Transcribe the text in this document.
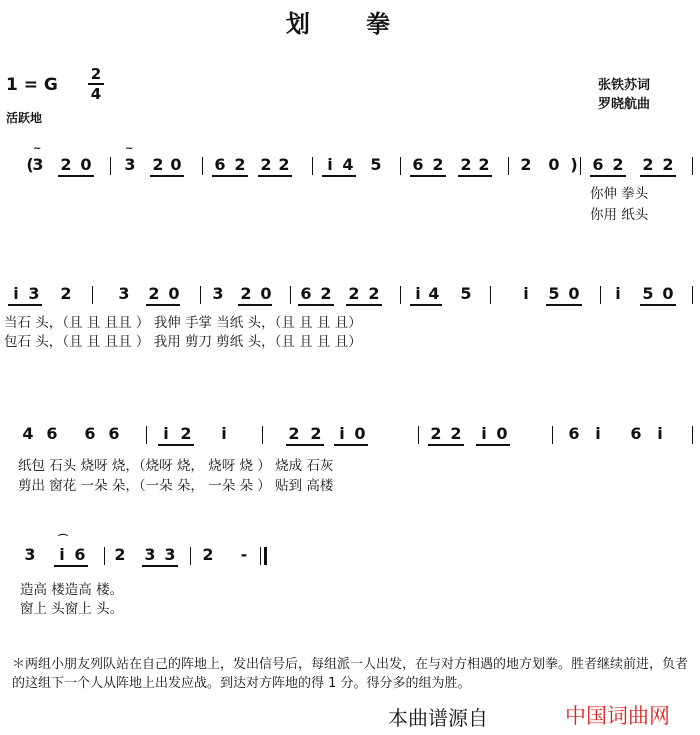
划 拳
1 = G
2
4
活跃地
张铁苏词
罗晓航曲
(
3
~
2 0 3
~
2 0 6 2 2 2	i 4 5 6 2 2 2 2 0 ) 6 2 2 2
你伸 拳头
你用 纸头
i 3 2	3 2 0 3 2 0 6 2 2 2	i 4 5	i	5 0	i	5 0
当石 头，（且 且 且且 ） 我伸 手掌 当纸 头，（且 且 且 且）
包石 头，（且 且 且且 ） 我用 剪刀 剪纸 头，（且 且 且 且）
4 6 6 6	i 2	i	2 2	i 0	2 2	i 0	6 i	6 i
纸包 石头 烧呀 烧，（烧呀 烧， 烧呀 烧 ） 烧成 石灰
剪出 窗花 一朵 朵，（一朵 朵， 一朵 朵 ） 贴到 高楼
3	i 6
⌒
2 3 3 2 -
造高 楼造高 楼。
窗上 头窗上 头。
＊两组小朋友列队站在自己的阵地上，发出信号后，每组派一人出发，在与对方相遇的地方划拳。胜者继续前进，负者的这组下一个人从阵地上出发应战。到达对方阵地的得 1 分。得分多的组为胜。
本曲谱源自	中国词曲网
